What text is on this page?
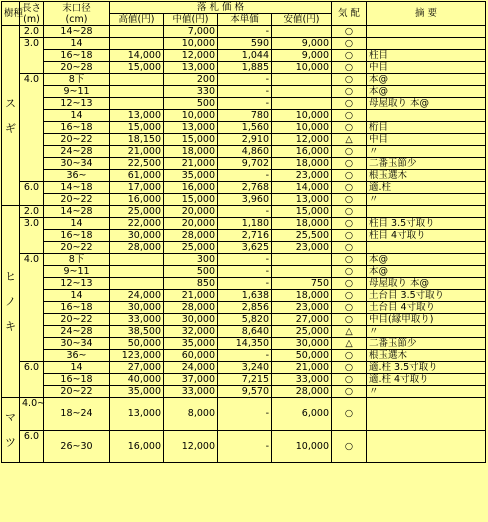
樹種	長さ
(m)	末口径
(cm)	落 札 価 格				気 配	摘 要
			高値(円)	中値(円)	本単価	安値(円)		

ス
ギ	2.0	14~28		7,000	-		○	
	3.0	14		10,000	590	9,000	○	
		16~18	14,000	12,000	1,044	9,000	○	柱目
		20~28	15,000	13,000	1,885	10,000	○	中目
	4.0	8下		200	-		○	本@
		9~11		330	-		○	本@
		12~13		500	-		○	母屋取り 本@
		14	13,000	10,000	780	10,000	○	
		16~18	15,000	13,000	1,560	10,000	○	桁目
		20~22	18,150	15,000	2,910	12,000	△	中目
		24~28	21,000	18,000	4,860	16,000	○	〃
		30~34	22,500	21,000	9,702	18,000	○	二番玉節少
		36~	61,000	35,000	-	23,000	○	根玉選木
	6.0	14~18	17,000	16,000	2,768	14,000	○	適.柱
		20~22	16,000	15,000	3,960	13,000	○	〃

ヒ
ノ
キ	2.0	14~28	25,000	20,000	-	15,000	○	
	3.0	14	22,000	20,000	1,180	18,000	○	柱目 3.5寸取り
		16~18	30,000	28,000	2,716	25,500	○	柱目 4寸取り
		20~22	28,000	25,000	3,625	23,000	○	
	4.0	8下		300	-		○	本@
		9~11		500	-		○	本@
		12~13		850	-	750	○	母屋取り 本@
		14	24,000	21,000	1,638	18,000	○	土台目 3.5寸取り
		16~18	30,000	28,000	2,856	23,000	○	土台目 4寸取り
		20~22	33,000	30,000	5,820	27,000	○	中目(縁甲取り)
		24~28	38,500	32,000	8,640	25,000	△	〃
		30~34	50,000	35,000	14,350	30,000	△	二番玉節少
		36~	123,000	60,000	-	50,000	○	根玉選木
	6.0	14	27,000	24,000	3,240	21,000	○	適.柱 3.5寸取り
		16~18	40,000	37,000	7,215	33,000	○	適.柱 4寸取り
		20~22	35,000	33,000	9,570	28,000	○	〃

マ
ツ	4.0~	18~24	13,000	8,000	-	6,000	○	
	6.0	26~30	16,000	12,000	-	10,000	○	
